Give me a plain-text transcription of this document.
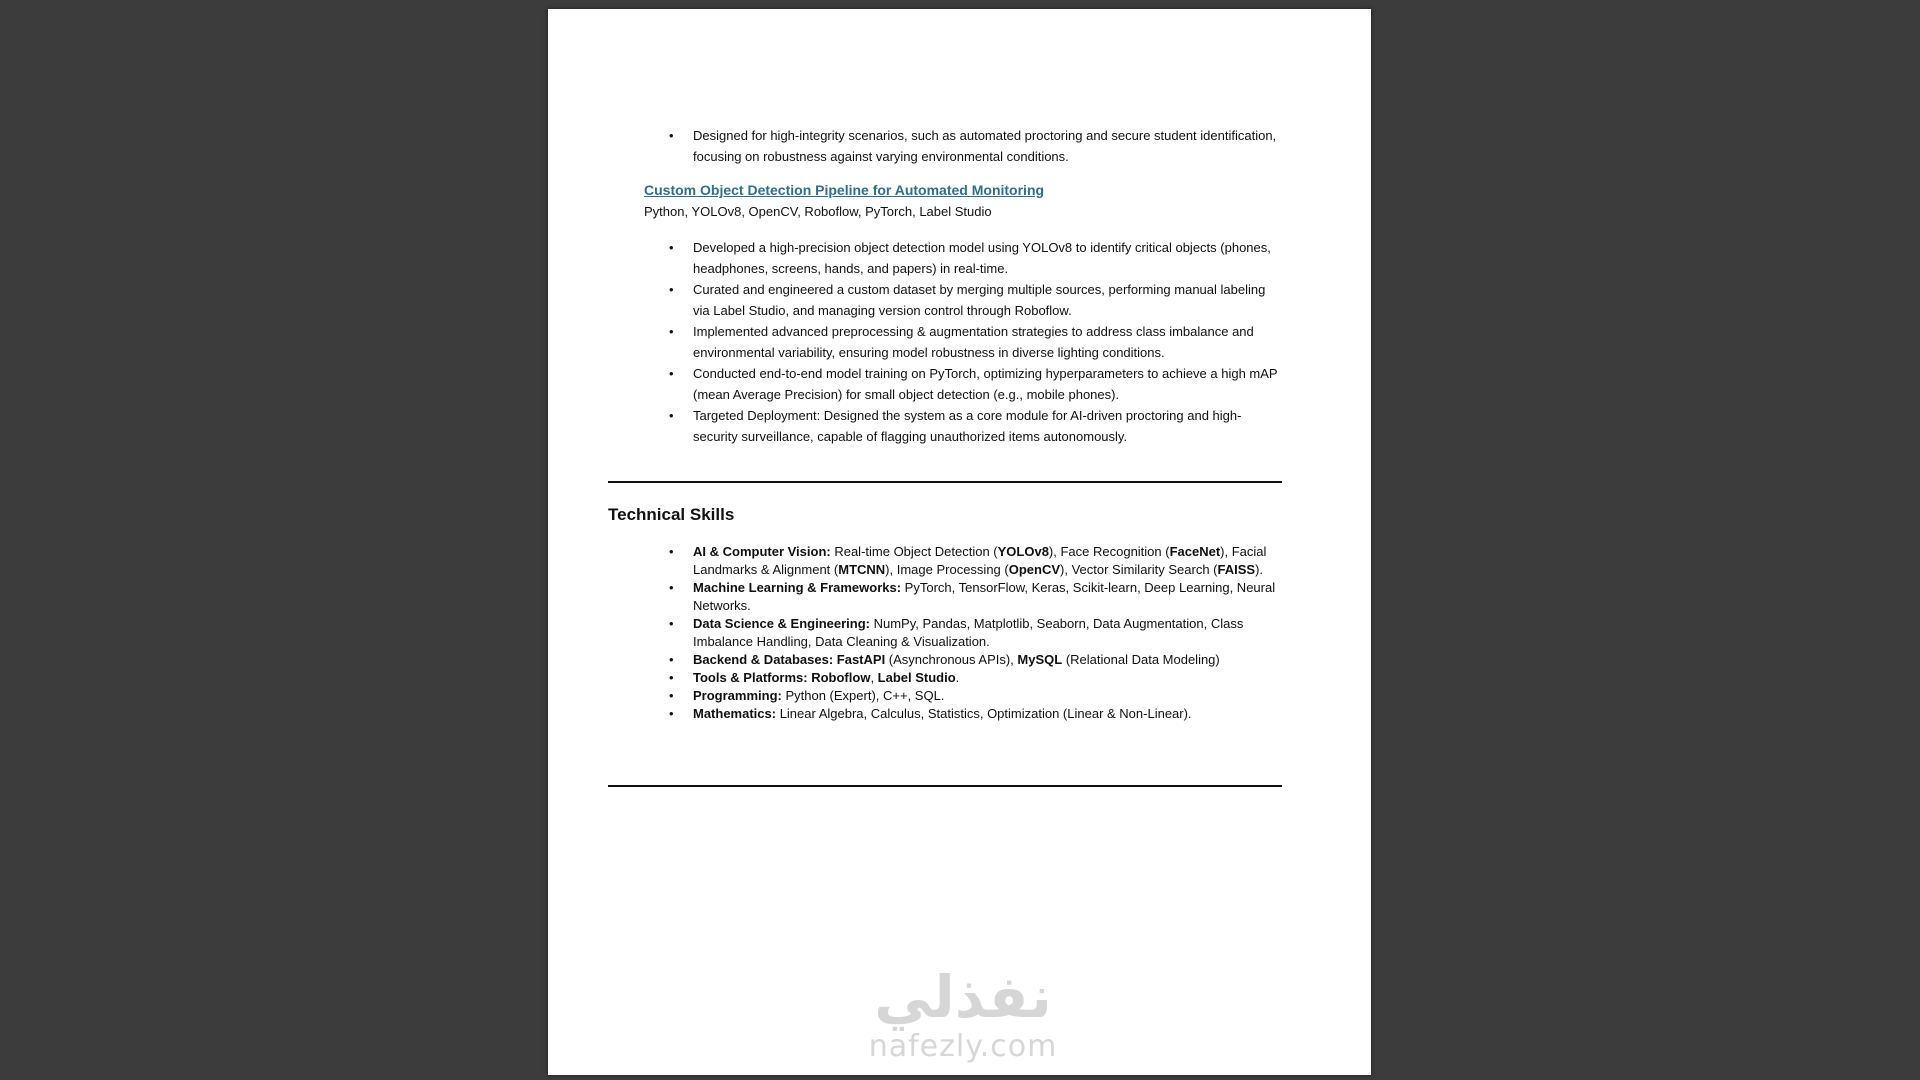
• Designed for high-integrity scenarios, such as automated proctoring and secure student identification, focusing on robustness against varying environmental conditions.
Custom Object Detection Pipeline for Automated Monitoring
Python, YOLOv8, OpenCV, Roboflow, PyTorch, Label Studio
• Developed a high-precision object detection model using YOLOv8 to identify critical objects (phones, headphones, screens, hands, and papers) in real-time.
• Curated and engineered a custom dataset by merging multiple sources, performing manual labeling via Label Studio, and managing version control through Roboflow.
• Implemented advanced preprocessing & augmentation strategies to address class imbalance and environmental variability, ensuring model robustness in diverse lighting conditions.
• Conducted end-to-end model training on PyTorch, optimizing hyperparameters to achieve a high mAP (mean Average Precision) for small object detection (e.g., mobile phones).
• Targeted Deployment: Designed the system as a core module for AI-driven proctoring and high-security surveillance, capable of flagging unauthorized items autonomously.
Technical Skills
• AI & Computer Vision: Real-time Object Detection (YOLOv8), Face Recognition (FaceNet), Facial Landmarks & Alignment (MTCNN), Image Processing (OpenCV), Vector Similarity Search (FAISS).
• Machine Learning & Frameworks: PyTorch, TensorFlow, Keras, Scikit-learn, Deep Learning, Neural Networks.
• Data Science & Engineering: NumPy, Pandas, Matplotlib, Seaborn, Data Augmentation, Class Imbalance Handling, Data Cleaning & Visualization.
• Backend & Databases: FastAPI (Asynchronous APIs), MySQL (Relational Data Modeling)
• Tools & Platforms: Roboflow, Label Studio.
• Programming: Python (Expert), C++, SQL.
• Mathematics: Linear Algebra, Calculus, Statistics, Optimization (Linear & Non-Linear).
نفذلي
nafezly.com
